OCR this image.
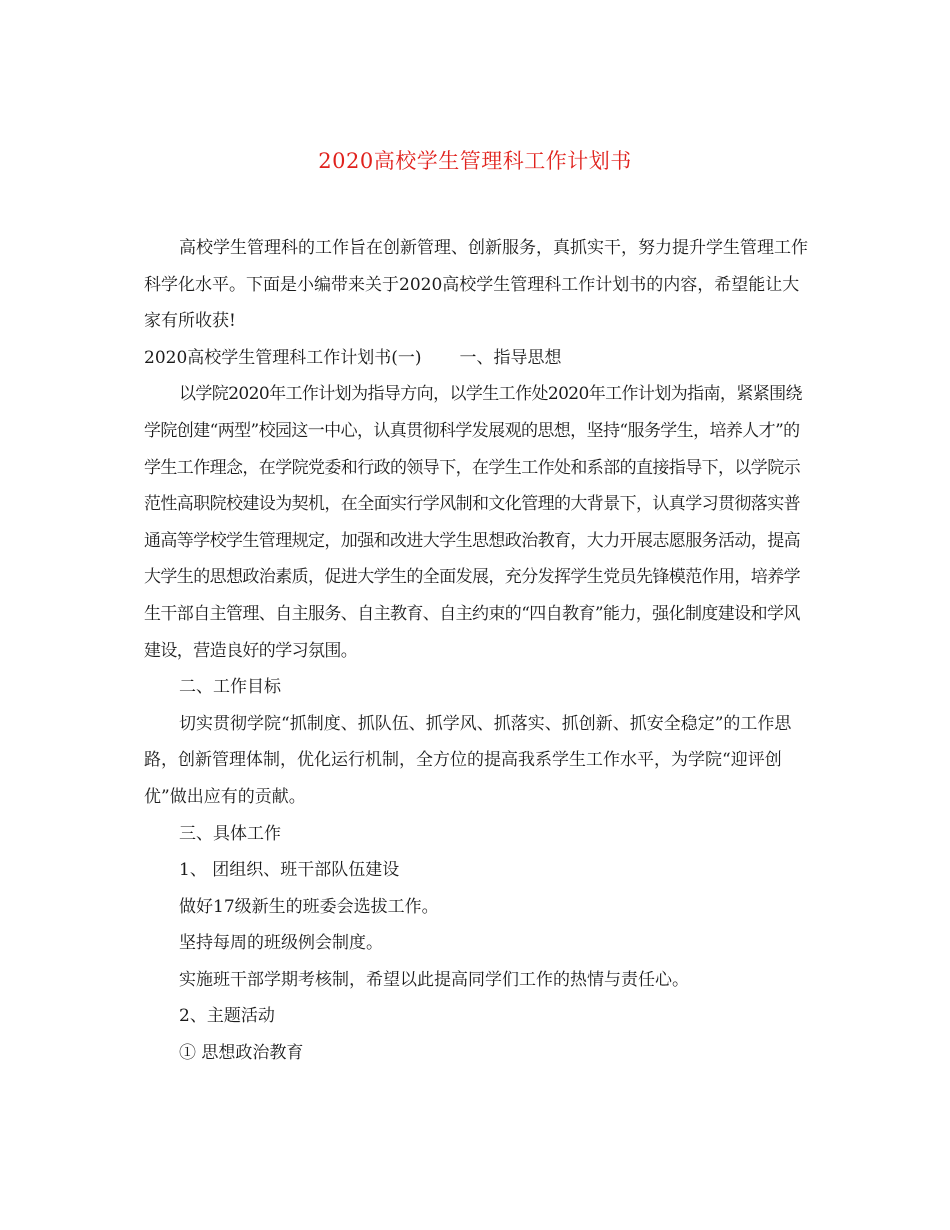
2020高校学生管理科工作计划书

高校学生管理科的工作旨在创新管理、创新服务，真抓实干，努力提升学生管理工作科学化水平。下面是小编带来关于2020高校学生管理科工作计划书的内容，希望能让大家有所收获!

2020高校学生管理科工作计划书(一) 一、指导思想

以学院2020年工作计划为指导方向，以学生工作处2020年工作计划为指南，紧紧围绕学院创建“两型”校园这一中心，认真贯彻科学发展观的思想，坚持“服务学生，培养人才”的学生工作理念，在学院党委和行政的领导下，在学生工作处和系部的直接指导下，以学院示范性高职院校建设为契机，在全面实行学风制和文化管理的大背景下，认真学习贯彻落实普通高等学校学生管理规定，加强和改进大学生思想政治教育，大力开展志愿服务活动，提高大学生的思想政治素质，促进大学生的全面发展，充分发挥学生党员先锋模范作用，培养学生干部自主管理、自主服务、自主教育、自主约束的“四自教育”能力，强化制度建设和学风建设，营造良好的学习氛围。

二、工作目标

切实贯彻学院“抓制度、抓队伍、抓学风、抓落实、抓创新、抓安全稳定”的工作思路，创新管理体制，优化运行机制，全方位的提高我系学生工作水平，为学院“迎评创优”做出应有的贡献。

三、具体工作

1、 团组织、班干部队伍建设

做好17级新生的班委会选拔工作。

坚持每周的班级例会制度。

实施班干部学期考核制，希望以此提高同学们工作的热情与责任心。

2、主题活动

① 思想政治教育
